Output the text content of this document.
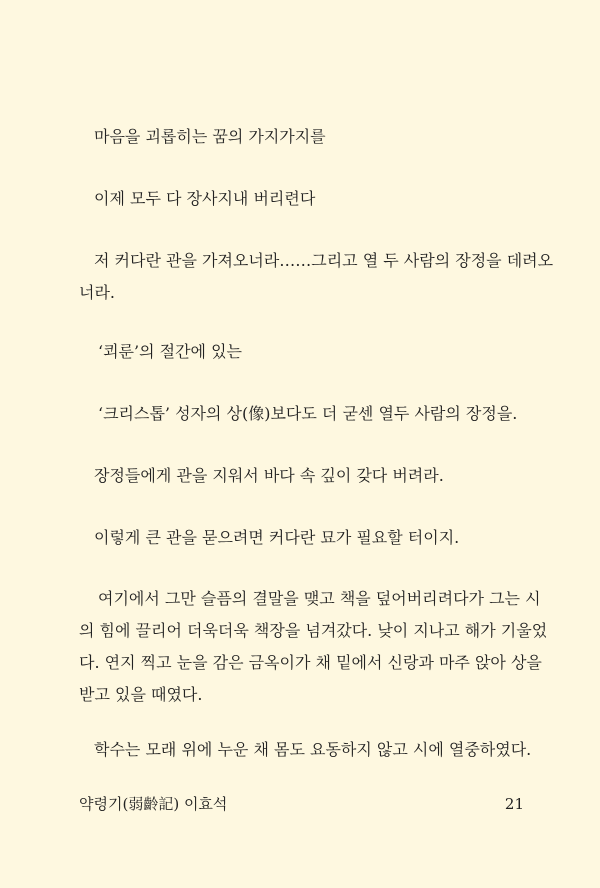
마음을 괴롭히는 꿈의 가지가지를
이제 모두 다 장사지내 버리련다
저 커다란 관을 가져오너라……그리고 열 두 사람의 장정을 데려오
너라.
‘쾨룬’의 절간에 있는
‘크리스톱’ 성자의 상(像)보다도 더 굳센 열두 사람의 장정을.
장정들에게 관을 지워서 바다 속 깊이 갖다 버려라.
이렇게 큰 관을 묻으려면 커다란 묘가 필요할 터이지.
여기에서 그만 슬픔의 결말을 맺고 책을 덮어버리려다가 그는 시
의 힘에 끌리어 더욱더욱 책장을 넘겨갔다. 낮이 지나고 해가 기울었
다. 연지 찍고 눈을 감은 금옥이가 채 밑에서 신랑과 마주 앉아 상을
받고 있을 때였다.
학수는 모래 위에 누운 채 몸도 요동하지 않고 시에 열중하였다.
약령기(弱齡記) 이효석	21
